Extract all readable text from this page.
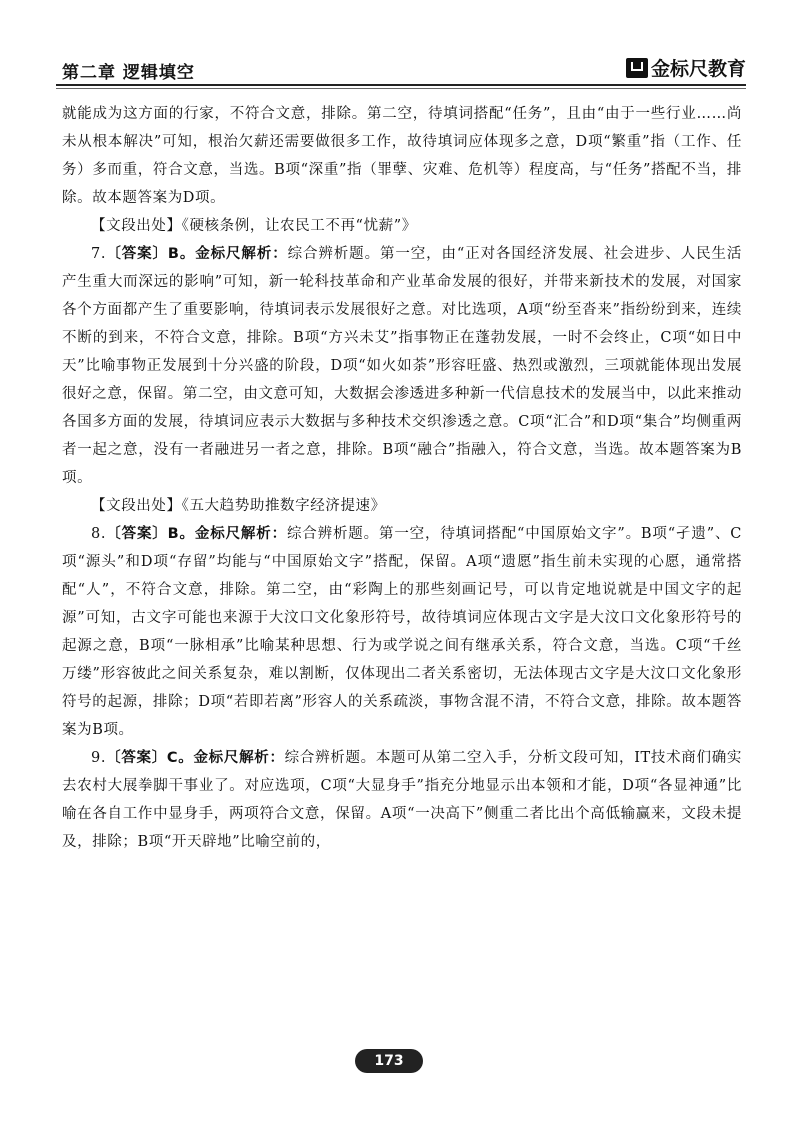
第二章 逻辑填空	金标尺教育

就能成为这方面的行家，不符合文意，排除。第二空，待填词搭配“任务”，且由“由于一些行业……尚未从根本解决”可知，根治欠薪还需要做很多工作，故待填词应体现多之意，D项“繁重”指（工作、任务）多而重，符合文意，当选。B项“深重”指（罪孽、灾难、危机等）程度高，与“任务”搭配不当，排除。故本题答案为D项。

【文段出处】《硬核条例，让农民工不再“忧薪”》

7.〔答案〕B。金标尺解析：综合辨析题。第一空，由“正对各国经济发展、社会进步、人民生活产生重大而深远的影响”可知，新一轮科技革命和产业革命发展的很好，并带来新技术的发展，对国家各个方面都产生了重要影响，待填词表示发展很好之意。对比选项，A项“纷至沓来”指纷纷到来，连续不断的到来，不符合文意，排除。B项“方兴未艾”指事物正在蓬勃发展，一时不会终止，C项“如日中天”比喻事物正发展到十分兴盛的阶段，D项“如火如荼”形容旺盛、热烈或激烈，三项就能体现出发展很好之意，保留。第二空，由文意可知，大数据会渗透进多种新一代信息技术的发展当中，以此来推动各国多方面的发展，待填词应表示大数据与多种技术交织渗透之意。C项“汇合”和D项“集合”均侧重两者一起之意，没有一者融进另一者之意，排除。B项“融合”指融入，符合文意，当选。故本题答案为B项。

【文段出处】《五大趋势助推数字经济提速》

8.〔答案〕B。金标尺解析：综合辨析题。第一空，待填词搭配“中国原始文字”。B项“孑遗”、C项“源头”和D项“存留”均能与“中国原始文字”搭配，保留。A项“遗愿”指生前未实现的心愿，通常搭配“人”，不符合文意，排除。第二空，由“彩陶上的那些刻画记号，可以肯定地说就是中国文字的起源”可知，古文字可能也来源于大汶口文化象形符号，故待填词应体现古文字是大汶口文化象形符号的起源之意，B项“一脉相承”比喻某种思想、行为或学说之间有继承关系，符合文意，当选。C项“千丝万缕”形容彼此之间关系复杂，难以割断，仅体现出二者关系密切，无法体现古文字是大汶口文化象形符号的起源，排除；D项“若即若离”形容人的关系疏淡，事物含混不清，不符合文意，排除。故本题答案为B项。

9.〔答案〕C。金标尺解析：综合辨析题。本题可从第二空入手，分析文段可知，IT技术商们确实去农村大展拳脚干事业了。对应选项，C项“大显身手”指充分地显示出本领和才能，D项“各显神通”比喻在各自工作中显身手，两项符合文意，保留。A项“一决高下”侧重二者比出个高低输赢来，文段未提及，排除；B项“开天辟地”比喻空前的，

173
